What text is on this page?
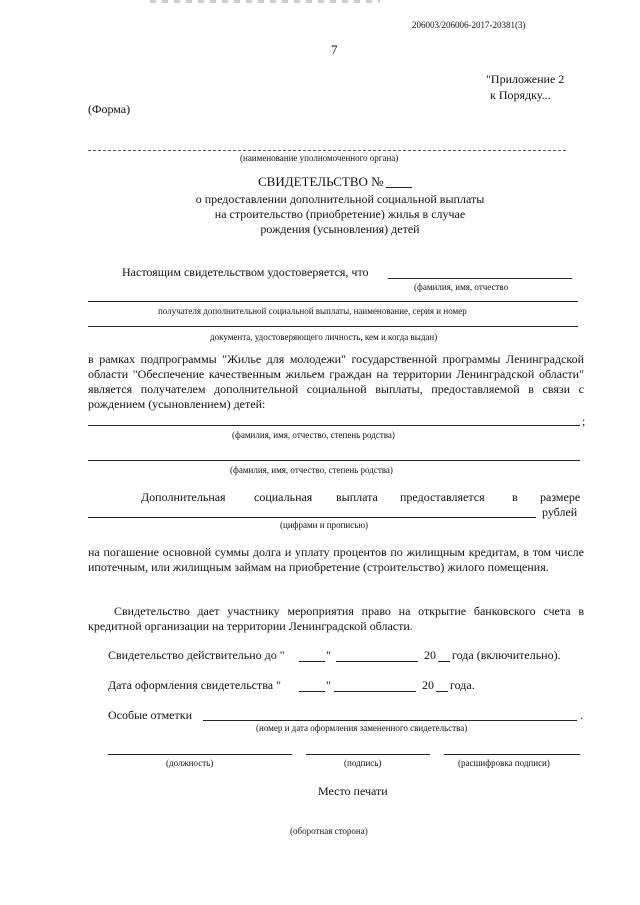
206003/206006-2017-20381(3)
7
"Приложение 2
к Порядку...
(Форма)
(наименование уполномоченного органа)
СВИДЕТЕЛЬСТВО №
о предоставлении дополнительной социальной выплаты
на строительство (приобретение) жилья в случае
рождения (усыновления) детей
Настоящим свидетельством удостоверяется, что
(фамилия, имя, отчество
получателя дополнительной социальной выплаты, наименование, серия и номер
документа, удостоверяющего личность, кем и когда выдан)
в рамках подпрограммы "Жилье для молодежи" государственной программы Ленинградской области "Обеспечение качественным жильем граждан на территории Ленинградской области" является получателем дополнительной социальной выплаты, предоставляемой в связи с рождением (усыновлением) детей:
;
(фамилия, имя, отчество, степень родства)
(фамилия, имя, отчество, степень родства)
Дополнительная социальная выплата предоставляется в размере
рублей
(цифрами и прописью)
на погашение основной суммы долга и уплату процентов по жилищным кредитам, в том числе ипотечным, или жилищным займам на приобретение (строительство) жилого помещения.
Свидетельство дает участнику мероприятия право на открытие банковского счета в кредитной организации на территории Ленинградской области.
Свидетельство действительно до "	"	20 года (включительно).
Дата оформления свидетельства "	"	20 года.
Особые отметки	.
(номер и дата оформления замененного свидетельства)
(должность)	(подпись)	(расшифровка подписи)
Место печати
(оборотная сторона)
